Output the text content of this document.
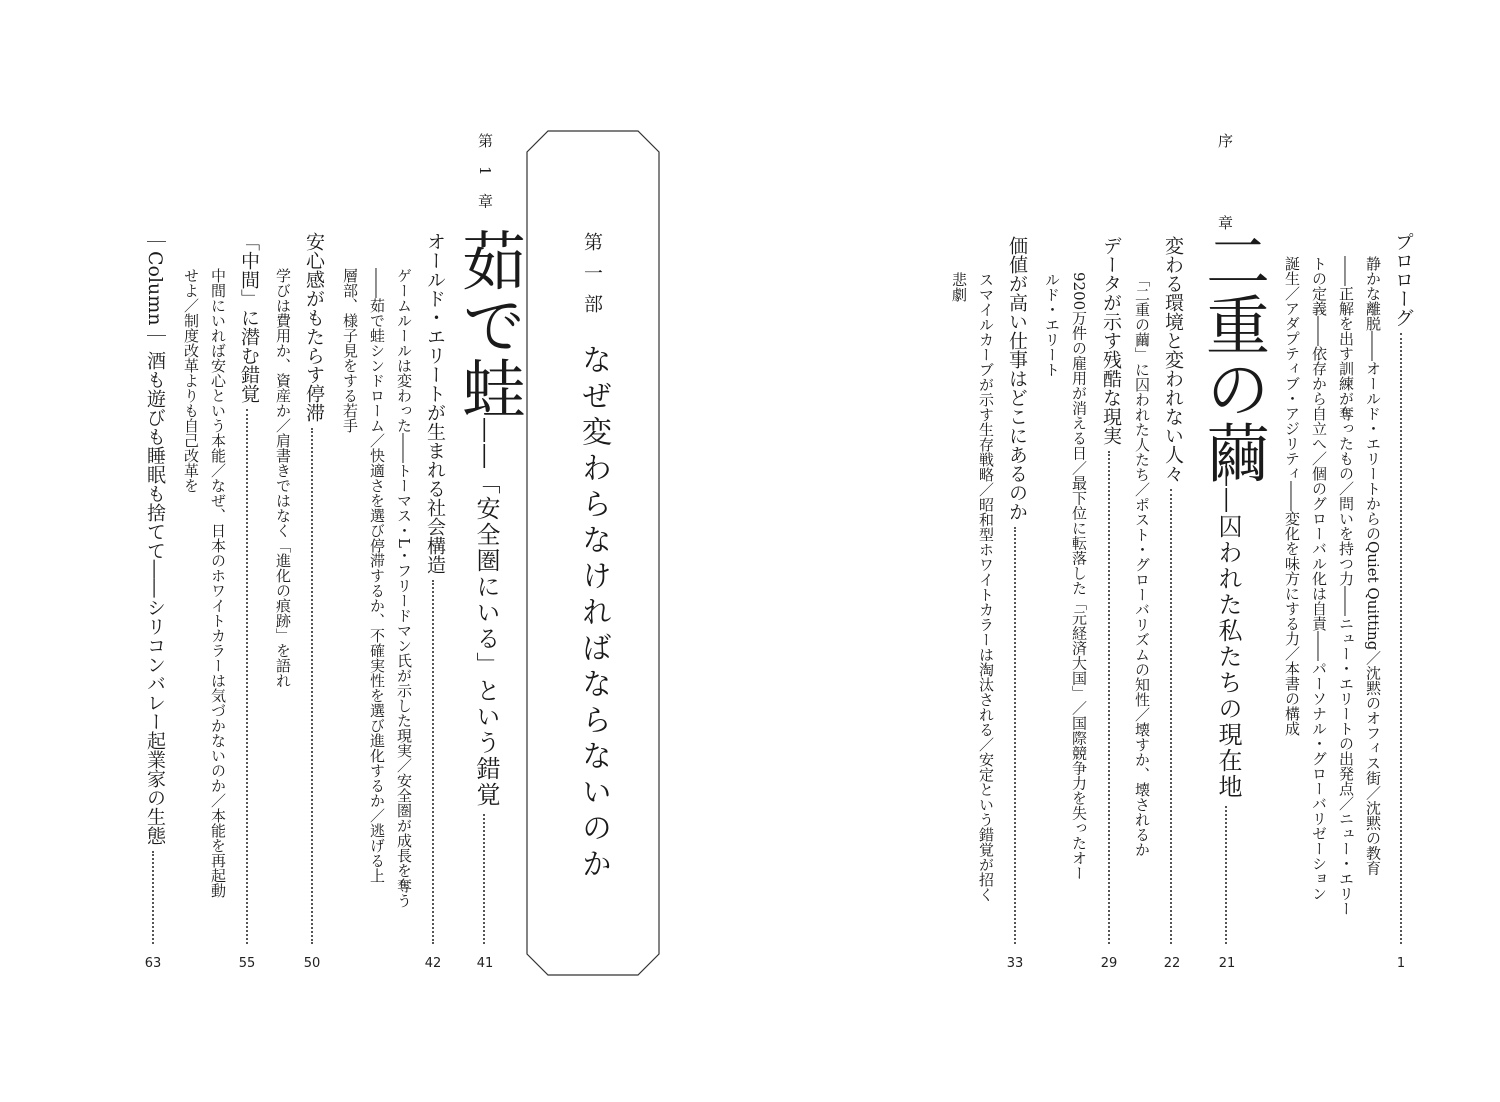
序　章
プロローグ
1
静かな離脱――オールド・エリートからのQuiet Quitting／沈黙のオフィス街／沈黙の教育
――正解を出す訓練が奪ったもの／問いを持つ力――ニュー・エリートの出発点／ニュー・エリー
トの定義――依存から自立へ／個のグローバル化は自責――パーソナル・グローバリゼーション
誕生／アダプティブ・アジリティ――変化を味方にする力／本書の構成
二重の繭
――囚われた私たちの現在地
21
変わる環境と変われない人々
22
「二重の繭」に囚われた人たち／ポスト・グローバリズムの知性／壊すか、壊されるか
データが示す残酷な現実
29
9200万件の雇用が消える日／最下位に転落した「元経済大国」／国際競争力を失ったオー
ルド・エリート
価値が高い仕事はどこにあるのか
33
スマイルカーブが示す生存戦略／昭和型ホワイトカラーは淘汰される／安定という錯覚が招く
悲劇
第一部
なぜ変わらなければならないのか
第1章
茹で蛙
――「安全圏にいる」という錯覚
41
オールド・エリートが生まれる社会構造
42
ゲームルールは変わった――トーマス・L・フリードマン氏が示した現実／安全圏が成長を奪う
――茹で蛙シンドローム／快適さを選び停滞するか、不確実性を選び進化するか／逃げる上
層部、様子見をする若手
安心感がもたらす停滞
50
学びは費用か、資産か／肩書きではなく「進化の痕跡」を語れ
「中間」に潜む錯覚
55
中間にいれば安心という本能／なぜ、日本のホワイトカラーは気づかないのか／本能を再起動
せよ／制度改革よりも自己改革を
｜Column｜ 酒も遊びも睡眠も捨てて――シリコンバレー起業家の生態
63
